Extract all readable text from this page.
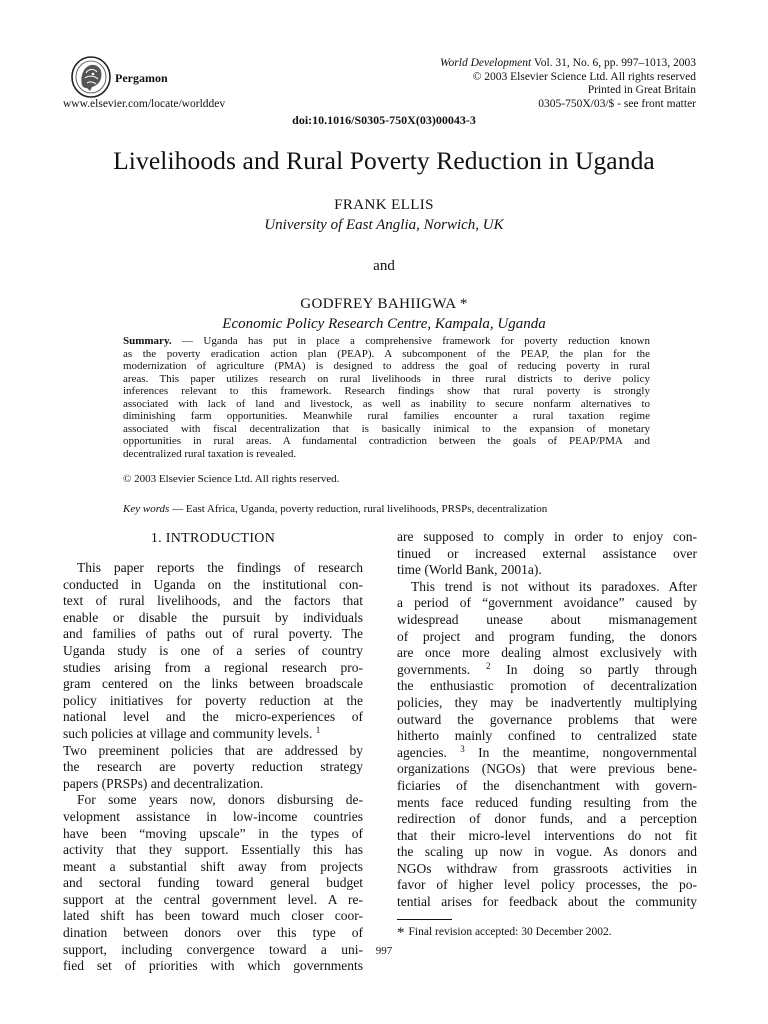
Pergamon
www.elsevier.com/locate/worlddev
World Development Vol. 31, No. 6, pp. 997–1013, 2003
© 2003 Elsevier Science Ltd. All rights reserved
Printed in Great Britain
0305-750X/03/$ - see front matter
doi:10.1016/S0305-750X(03)00043-3
Livelihoods and Rural Poverty Reduction in Uganda
FRANK ELLIS
University of East Anglia, Norwich, UK
and
GODFREY BAHIIGWA *
Economic Policy Research Centre, Kampala, Uganda
Summary. — Uganda has put in place a comprehensive framework for poverty reduction known
as the poverty eradication action plan (PEAP). A subcomponent of the PEAP, the plan for the
modernization of agriculture (PMA) is designed to address the goal of reducing poverty in rural
areas. This paper utilizes research on rural livelihoods in three rural districts to derive policy
inferences relevant to this framework. Research findings show that rural poverty is strongly
associated with lack of land and livestock, as well as inability to secure nonfarm alternatives to
diminishing farm opportunities. Meanwhile rural families encounter a rural taxation regime
associated with fiscal decentralization that is basically inimical to the expansion of monetary
opportunities in rural areas. A fundamental contradiction between the goals of PEAP/PMA and
decentralized rural taxation is revealed.
© 2003 Elsevier Science Ltd. All rights reserved.
Key words — East Africa, Uganda, poverty reduction, rural livelihoods, PRSPs, decentralization
1. INTRODUCTION
This paper reports the findings of research
conducted in Uganda on the institutional con-
text of rural livelihoods, and the factors that
enable or disable the pursuit by individuals
and families of paths out of rural poverty. The
Uganda study is one of a series of country
studies arising from a regional research pro-
gram centered on the links between broadscale
policy initiatives for poverty reduction at the
national level and the micro-experiences of
such policies at village and community levels. $^1$
Two preeminent policies that are addressed by
the research are poverty reduction strategy
papers (PRSPs) and decentralization.
For some years now, donors disbursing de-
velopment assistance in low-income countries
have been “moving upscale” in the types of
activity that they support. Essentially this has
meant a substantial shift away from projects
and sectoral funding toward general budget
support at the central government level. A re-
lated shift has been toward much closer coor-
dination between donors over this type of
support, including convergence toward a uni-
fied set of priorities with which governments
are supposed to comply in order to enjoy con-
tinued or increased external assistance over
time (World Bank, 2001a).
This trend is not without its paradoxes. After
a period of “government avoidance” caused by
widespread unease about mismanagement
of project and program funding, the donors
are once more dealing almost exclusively with
governments. $^2$ In doing so partly through
the enthusiastic promotion of decentralization
policies, they may be inadvertently multiplying
outward the governance problems that were
hitherto mainly confined to centralized state
agencies. $^3$ In the meantime, nongovernmental
organizations (NGOs) that were previous bene-
ficiaries of the disenchantment with govern-
ments face reduced funding resulting from the
redirection of donor funds, and a perception
that their micro-level interventions do not fit
the scaling up now in vogue. As donors and
NGOs withdraw from grassroots activities in
favor of higher level policy processes, the po-
tential arises for feedback about the community
* Final revision accepted: 30 December 2002.
997
